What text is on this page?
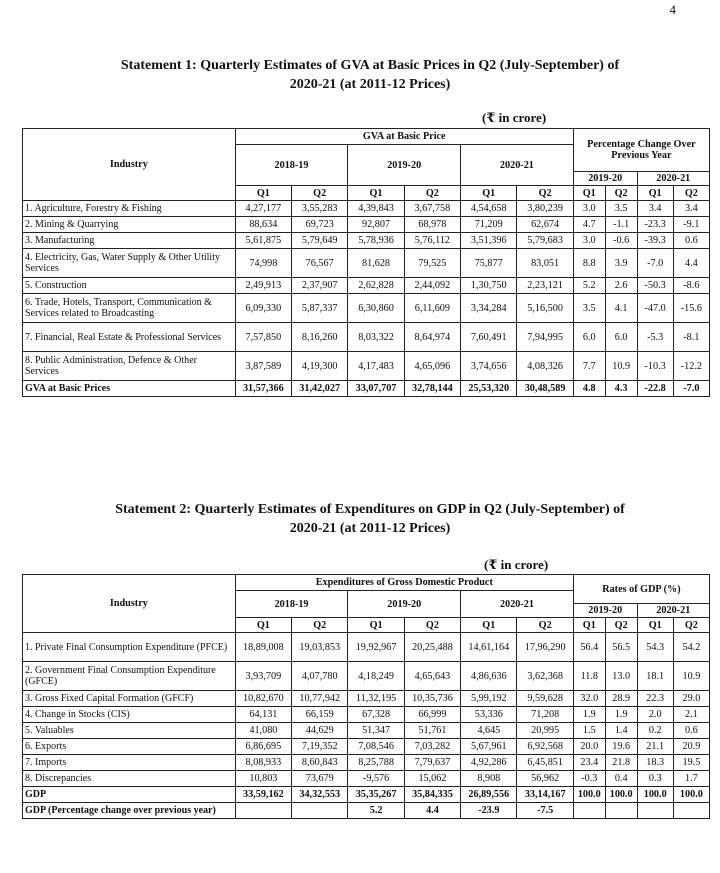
4
Statement 1: Quarterly Estimates of GVA at Basic Prices in Q2 (July-September) of
2020-21 (at 2011-12 Prices)
(₹ in crore)
Industry	GVA at Basic Price						Percentage Change Over Previous Year			
	2018-19		2019-20		2020-21					
							2019-20		2020-21	
	Q1	Q2	Q1	Q2	Q1	Q2	Q1	Q2	Q1	Q2
1. Agriculture, Forestry & Fishing	4,27,177	3,55,283	4,39,843	3,67,758	4,54,658	3,80,239	3.0	3.5	3.4	3.4
2. Mining & Quarrying	88,634	69,723	92,807	68,978	71,209	62,674	4.7	-1.1	-23.3	-9.1
3. Manufacturing	5,61,875	5,79,649	5,78,936	5,76,112	3,51,396	5,79,683	3.0	-0.6	-39.3	0.6
4. Electricity, Gas, Water Supply & Other Utility Services	74,998	76,567	81,628	79,525	75,877	83,051	8.8	3.9	-7.0	4.4
5. Construction	2,49,913	2,37,907	2,62,828	2,44,092	1,30,750	2,23,121	5.2	2.6	-50.3	-8.6
6. Trade, Hotels, Transport, Communication & Services related to Broadcasting	6,09,330	5,87,337	6,30,860	6,11,609	3,34,284	5,16,500	3.5	4.1	-47.0	-15.6
7. Financial, Real Estate & Professional Services	7,57,850	8,16,260	8,03,322	8,64,974	7,60,491	7,94,995	6.0	6.0	-5.3	-8.1
8. Public Administration, Defence & Other Services	3,87,589	4,19,300	4,17,483	4,65,096	3,74,656	4,08,326	7.7	10.9	-10.3	-12.2
GVA at Basic Prices	31,57,366	31,42,027	33,07,707	32,78,144	25,53,320	30,48,589	4.8	4.3	-22.8	-7.0
Statement 2: Quarterly Estimates of Expenditures on GDP in Q2 (July-September) of
2020-21 (at 2011-12 Prices)
(₹ in crore)
Industry	Expenditures of Gross Domestic Product						Rates of GDP (%)			
	2018-19		2019-20		2020-21					
							2019-20		2020-21	
	Q1	Q2	Q1	Q2	Q1	Q2	Q1	Q2	Q1	Q2
1. Private Final Consumption Expenditure (PFCE)	18,89,008	19,03,853	19,92,967	20,25,488	14,61,164	17,96,290	56.4	56.5	54.3	54.2
2. Government Final Consumption Expenditure (GFCE)	3,93,709	4,07,780	4,18,249	4,65,643	4,86,636	3,62,368	11.8	13.0	18.1	10.9
3. Gross Fixed Capital Formation (GFCF)	10,82,670	10,77,942	11,32,195	10,35,736	5,99,192	9,59,628	32.0	28.9	22.3	29.0
4. Change in Stocks (CIS)	64,131	66,159	67,328	66,999	53,336	71,208	1.9	1.9	2.0	2.1
5. Valuables	41,080	44,629	51,347	51,761	4,645	20,995	1.5	1.4	0.2	0.6
6. Exports	6,86,695	7,19,352	7,08,546	7,03,282	5,67,961	6,92,568	20.0	19.6	21.1	20.9
7. Imports	8,08,933	8,60,843	8,25,788	7,79,637	4,92,286	6,45,851	23.4	21.8	18.3	19.5
8. Discrepancies	10,803	73,679	-9,576	15,062	8,908	56,962	-0.3	0.4	0.3	1.7
GDP	33,59,162	34,32,553	35,35,267	35,84,335	26,89,556	33,14,167	100.0	100.0	100.0	100.0
GDP (Percentage change over previous year)			5.2	4.4	-23.9	-7.5				
